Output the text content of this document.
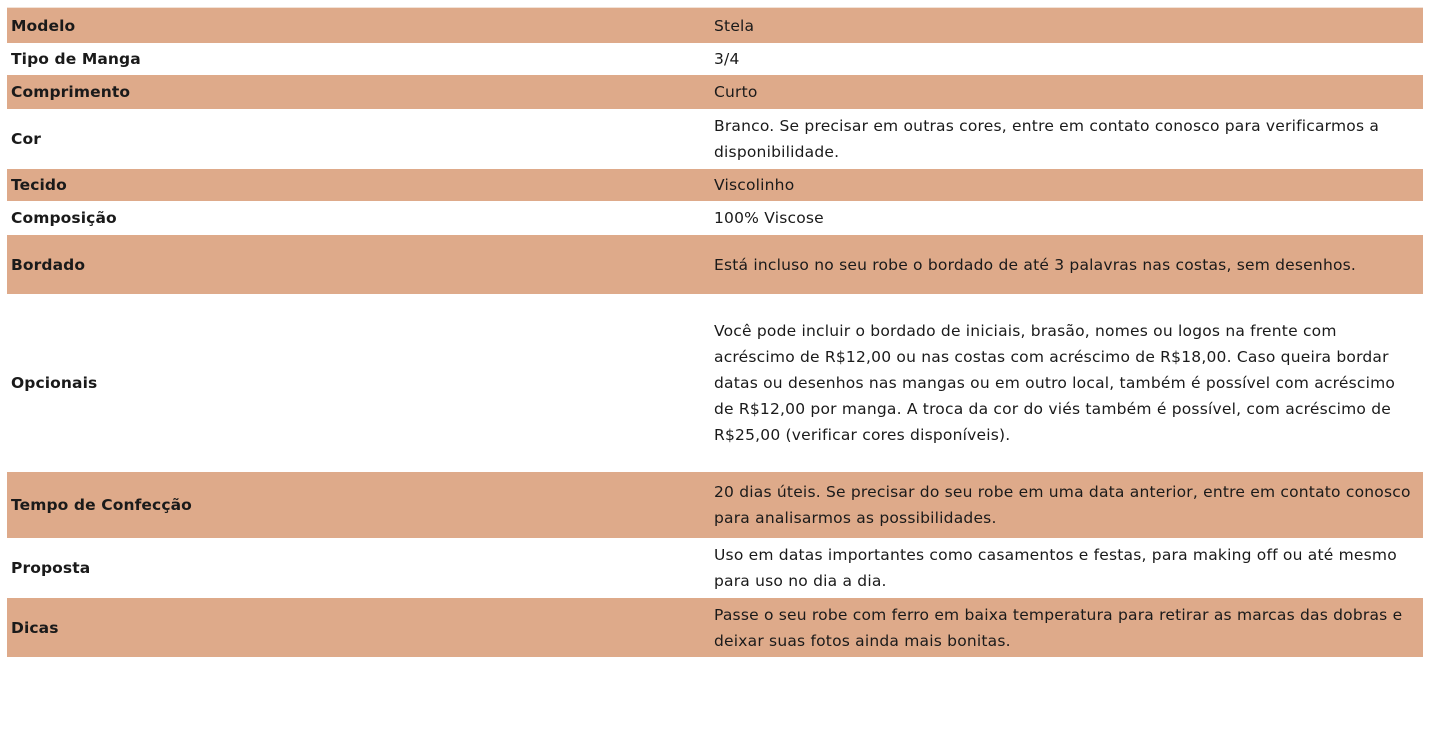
Modelo	Stela
Tipo de Manga	3/4
Comprimento	Curto
Cor	Branco. Se precisar em outras cores, entre em contato conosco para verificarmos a disponibilidade.
Tecido	Viscolinho
Composição	100% Viscose
Bordado	Está incluso no seu robe o bordado de até 3 palavras nas costas, sem desenhos.
Opcionais	Você pode incluir o bordado de iniciais, brasão, nomes ou logos na frente com acréscimo de R$12,00 ou nas costas com acréscimo de R$18,00. Caso queira bordar datas ou desenhos nas mangas ou em outro local, também é possível com acréscimo de R$12,00 por manga. A troca da cor do viés também é possível, com acréscimo de R$25,00 (verificar cores disponíveis).
Tempo de Confecção	20 dias úteis. Se precisar do seu robe em uma data anterior, entre em contato conosco para analisarmos as possibilidades.
Proposta	Uso em datas importantes como casamentos e festas, para making off ou até mesmo para uso no dia a dia.
Dicas	Passe o seu robe com ferro em baixa temperatura para retirar as marcas das dobras e deixar suas fotos ainda mais bonitas.
